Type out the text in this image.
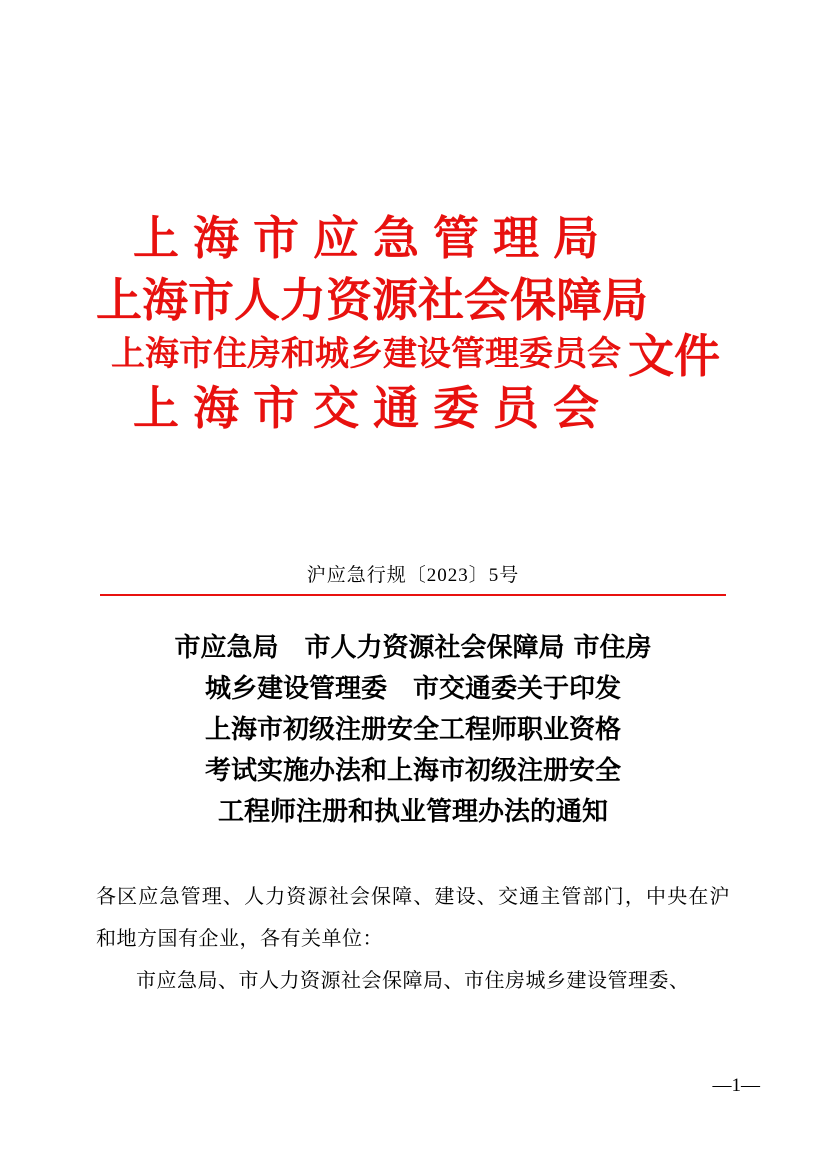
上海市应急管理局
上海市人力资源社会保障局
上海市住房和城乡建设管理委员会
上海市交通委员会
文件
沪应急行规〔2023〕5号
市应急局　市人力资源社会保障局 市住房
城乡建设管理委　市交通委关于印发
上海市初级注册安全工程师职业资格
考试实施办法和上海市初级注册安全
工程师注册和执业管理办法的通知

各区应急管理、人力资源社会保障、建设、交通主管部门，中央在沪和地方国有企业，各有关单位：

市应急局、市人力资源社会保障局、市住房城乡建设管理委、

—1—
